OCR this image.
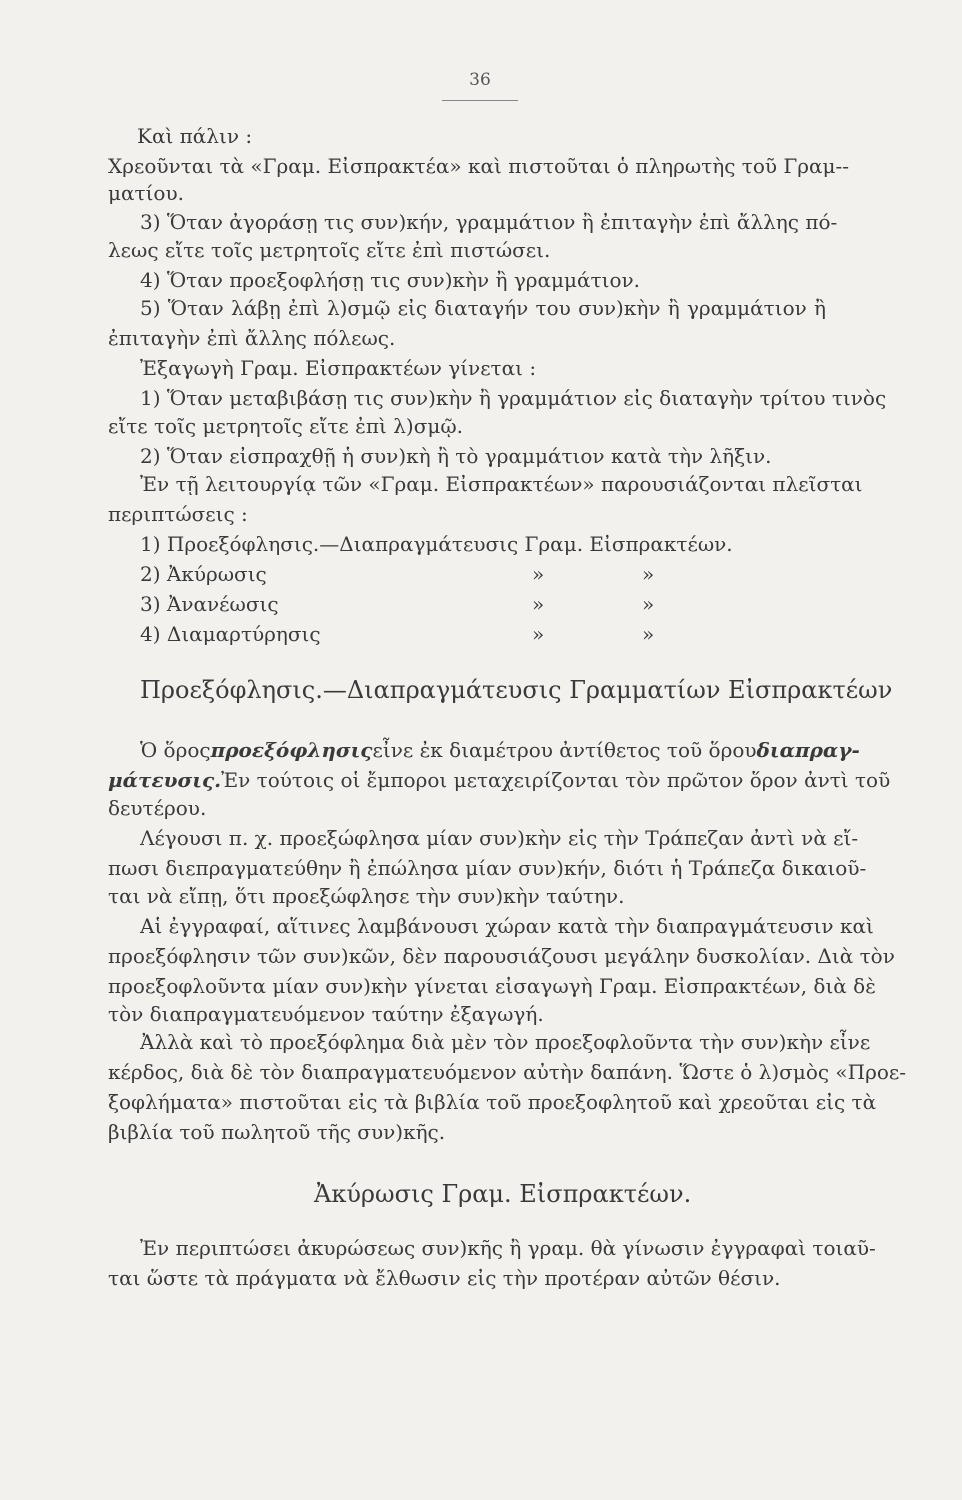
36
Καὶ πάλιν :
Χρεοῦνται τὰ «Γραμ. Εἰσπρακτέα» καὶ πιστοῦται ὁ πληρωτὴς τοῦ Γραμ--
ματίου.
3) Ὅταν ἀγοράσῃ τις συν)κήν, γραμμάτιον ἢ ἐπιταγὴν ἐπὶ ἄλλης πό-
λεως εἴτε τοῖς μετρητοῖς εἴτε ἐπὶ πιστώσει.
4) Ὅταν προεξοφλήσῃ τις συν)κὴν ἢ γραμμάτιον.
5) Ὅταν λάβῃ ἐπὶ λ)σμῷ εἰς διαταγήν του συν)κὴν ἢ γραμμάτιον ἢ
ἐπιταγὴν ἐπὶ ἄλλης πόλεως.
Ἐξαγωγὴ Γραμ. Εἰσπρακτέων γίνεται :
1) Ὅταν μεταβιβάσῃ τις συν)κὴν ἢ γραμμάτιον εἰς διαταγὴν τρίτου τινὸς
εἴτε τοῖς μετρητοῖς εἴτε ἐπὶ λ)σμῷ.
2) Ὅταν εἰσπραχθῇ ἡ συν)κὴ ἢ τὸ γραμμάτιον κατὰ τὴν λῆξιν.
Ἐν τῇ λειτουργίᾳ τῶν «Γραμ. Εἰσπρακτέων» παρουσιάζονται πλεῖσται
περιπτώσεις :
1) Προεξόφλησις.—Διαπραγμάτευσις Γραμ. Εἰσπρακτέων.
2) Ἀκύρωσις	»	»
3) Ἀνανέωσις	»	»
4) Διαμαρτύρησις	»	»
Προεξόφλησις.—Διαπραγμάτευσις Γραμματίων Εἰσπρακτέων
Ὁ ὅρος προεξόφλησις εἶνε ἐκ διαμέτρου ἀντίθετος τοῦ ὅρου διαπραγ-
μάτευσις. Ἐν τούτοις οἱ ἔμποροι μεταχειρίζονται τὸν πρῶτον ὅρον ἀντὶ τοῦ
δευτέρου.
Λέγουσι π. χ. προεξώφλησα μίαν συν)κὴν εἰς τὴν Τράπεζαν ἀντὶ νὰ εἴ-
πωσι διεπραγματεύθην ἢ ἐπώλησα μίαν συν)κήν, διότι ἡ Τράπεζα δικαιοῦ-
ται νὰ εἴπῃ, ὅτι προεξώφλησε τὴν συν)κὴν ταύτην.
Αἱ ἐγγραφαί, αἵτινες λαμβάνουσι χώραν κατὰ τὴν διαπραγμάτευσιν καὶ
προεξόφλησιν τῶν συν)κῶν, δὲν παρουσιάζουσι μεγάλην δυσκολίαν. Διὰ τὸν
προεξοφλοῦντα μίαν συν)κὴν γίνεται εἰσαγωγὴ Γραμ. Εἰσπρακτέων, διὰ δὲ
τὸν διαπραγματευόμενον ταύτην ἐξαγωγή.
Ἀλλὰ καὶ τὸ προεξόφλημα διὰ μὲν τὸν προεξοφλοῦντα τὴν συν)κὴν εἶνε
κέρδος, διὰ δὲ τὸν διαπραγματευόμενον αὐτὴν δαπάνη. Ὥστε ὁ λ)σμὸς «Προε-
ξοφλήματα» πιστοῦται εἰς τὰ βιβλία τοῦ προεξοφλητοῦ καὶ χρεοῦται εἰς τὰ
βιβλία τοῦ πωλητοῦ τῆς συν)κῆς.
Ἀκύρωσις Γραμ. Εἰσπρακτέων.
Ἐν περιπτώσει ἀκυρώσεως συν)κῆς ἢ γραμ. θὰ γίνωσιν ἐγγραφαὶ τοιαῦ-
ται ὥστε τὰ πράγματα νὰ ἔλθωσιν εἰς τὴν προτέραν αὐτῶν θέσιν.
